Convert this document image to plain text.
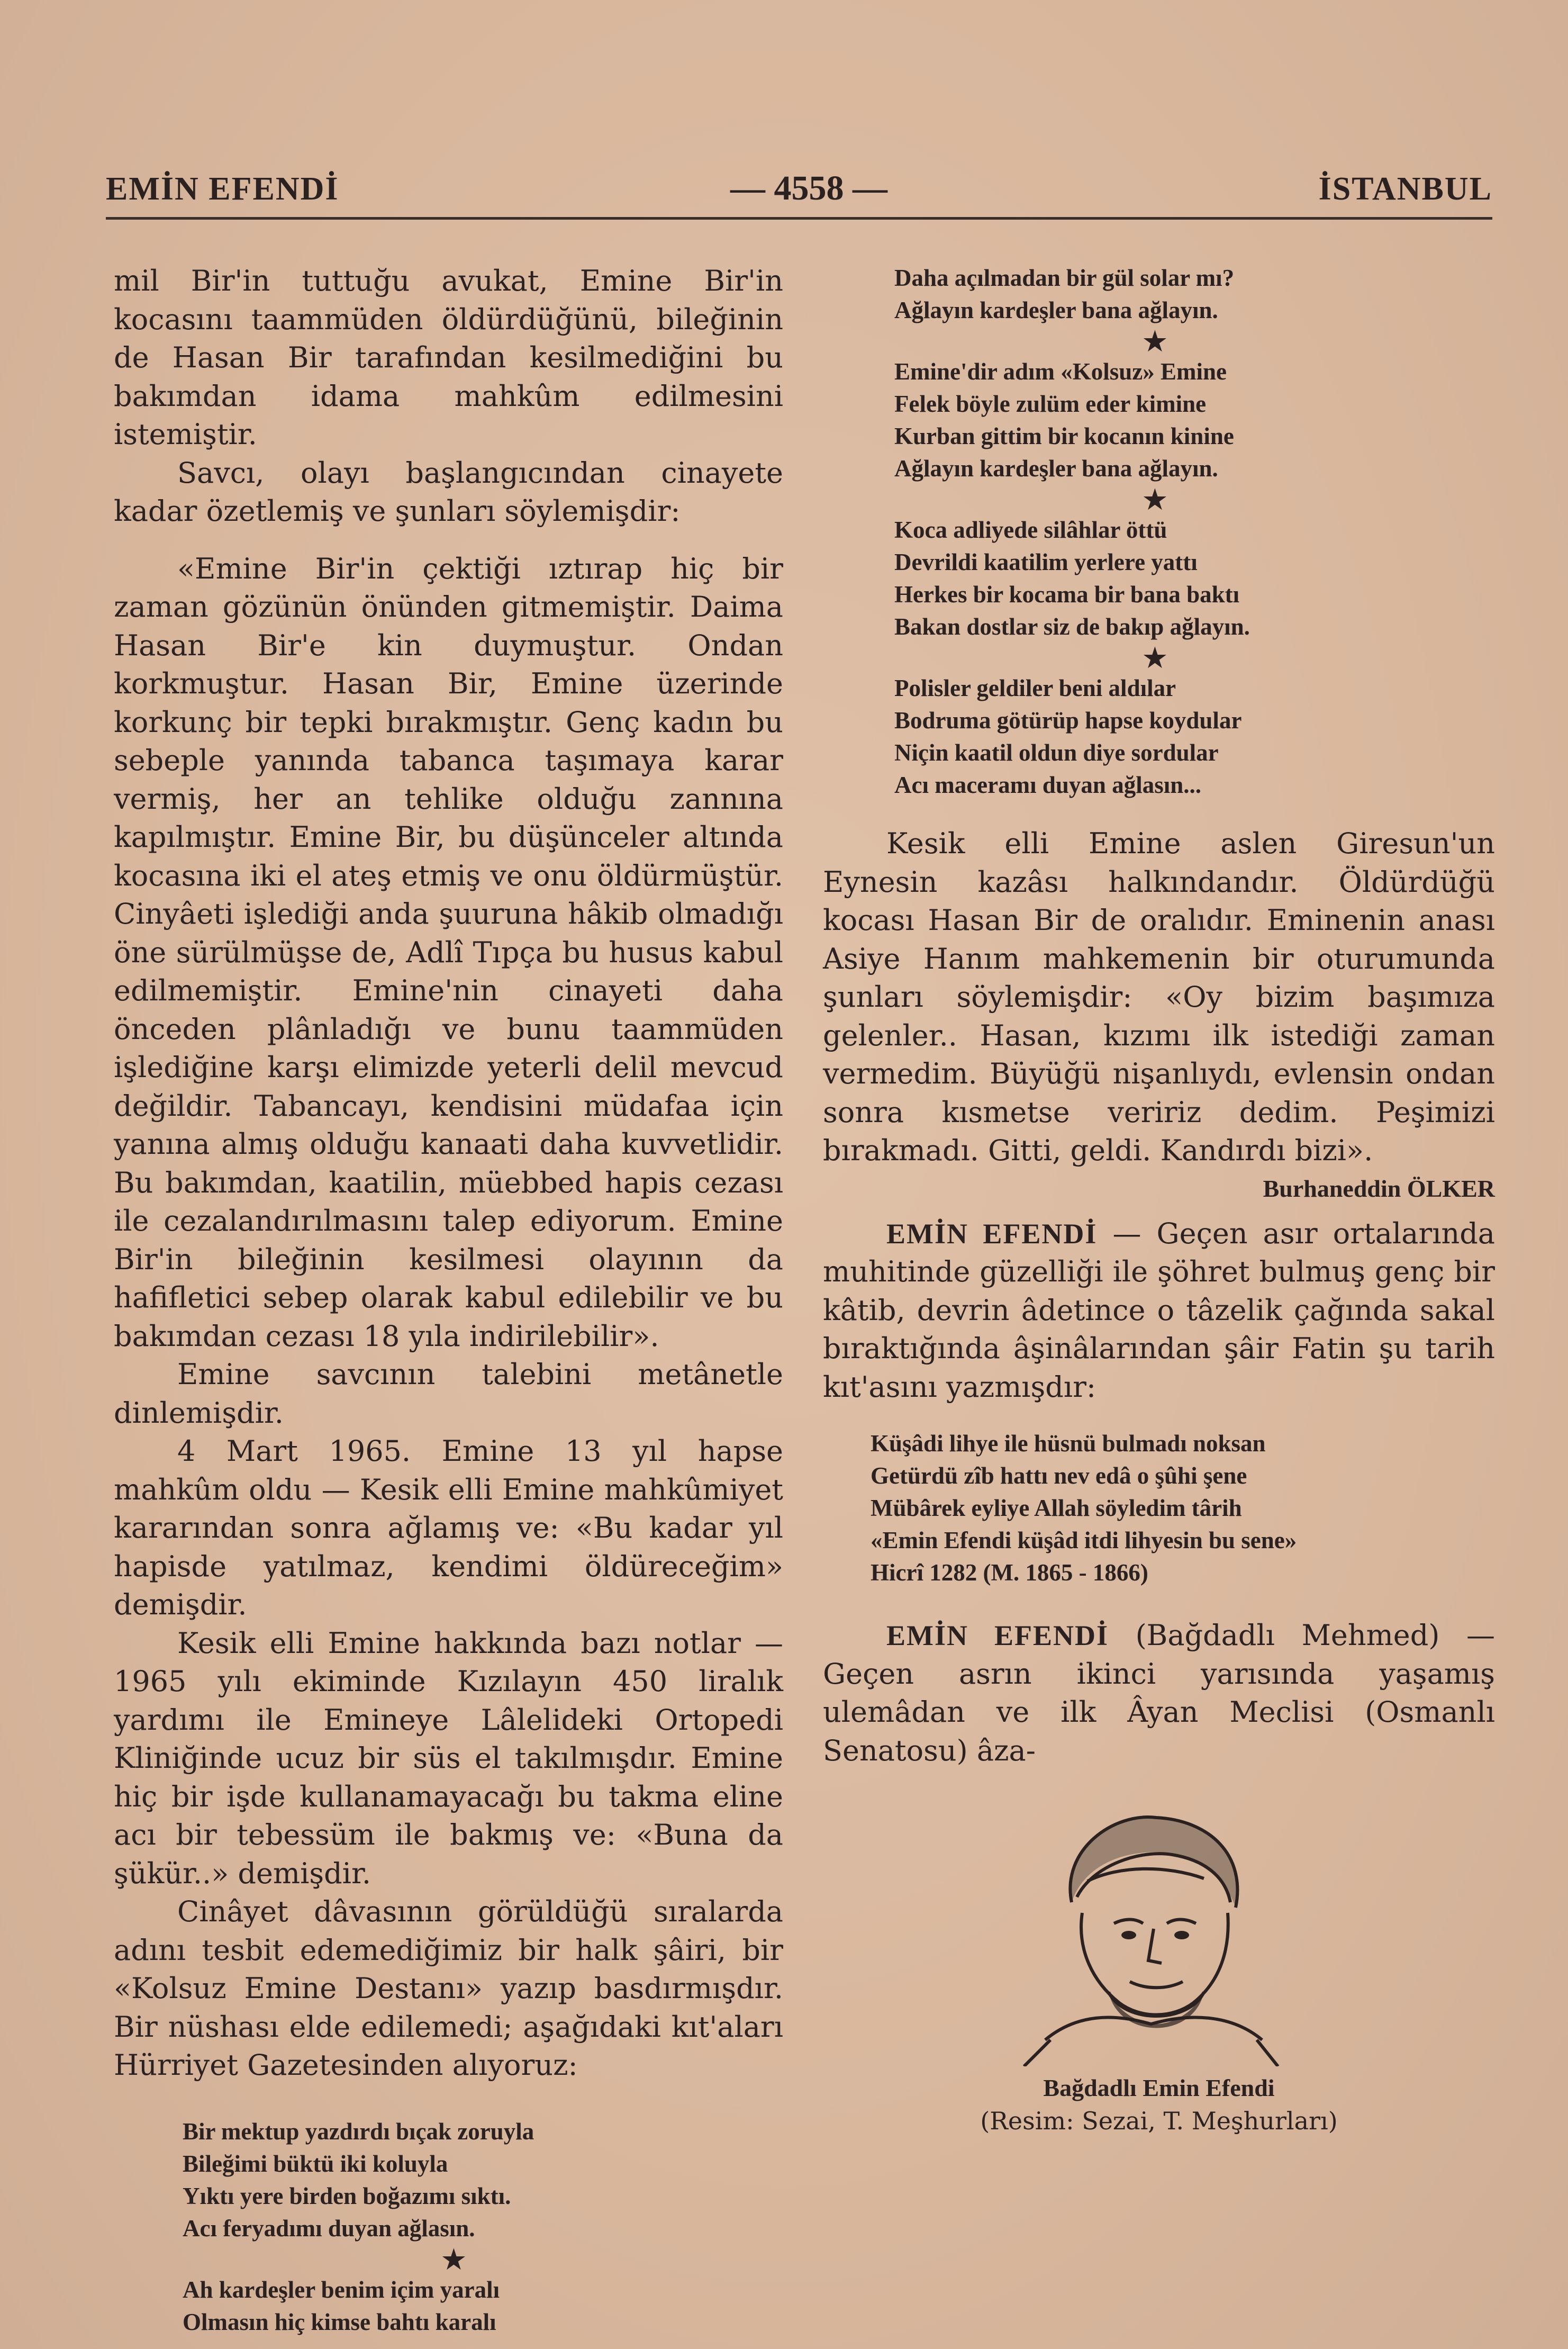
EMİN EFENDİ	— 4558 —	İSTANBUL

mil Bir'in tuttuğu avukat, Emine Bir'in kocasını taammüden öldürdüğünü, bileğinin de Hasan Bir tarafından kesilmediğini bu bakımdan idama mahkûm edilmesini istemiştir.

Savcı, olayı başlangıcından cinayete kadar özetlemiş ve şunları söylemişdir:

«Emine Bir'in çektiği ıztırap hiç bir zaman gözünün önünden gitmemiştir. Daima Hasan Bir'e kin duymuştur. Ondan korkmuştur. Hasan Bir, Emine üzerinde korkunç bir tepki bırakmıştır. Genç kadın bu sebeple yanında tabanca taşımaya karar vermiş, her an tehlike olduğu zannına kapılmıştır. Emine Bir, bu düşünceler altında kocasına iki el ateş etmiş ve onu öldürmüştür. Cinyâeti işlediği anda şuuruna hâkib olmadığı öne sürülmüşse de, Adlî Tıpça bu husus kabul edilmemiştir. Emine'nin cinayeti daha önceden plânladığı ve bunu taammüden işlediğine karşı elimizde yeterli delil mevcud değildir. Tabancayı, kendisini müdafaa için yanına almış olduğu kanaati daha kuvvetlidir. Bu bakımdan, kaatilin, müebbed hapis cezası ile cezalandırılmasını talep ediyorum. Emine Bir'in bileğinin kesilmesi olayının da hafifletici sebep olarak kabul edilebilir ve bu bakımdan cezası 18 yıla indirilebilir».

Emine savcının talebini metânetle dinlemişdir.

4 Mart 1965. Emine 13 yıl hapse mahkûm oldu — Kesik elli Emine mahkûmiyet kararından sonra ağlamış ve: «Bu kadar yıl hapisde yatılmaz, kendimi öldüreceğim» demişdir.

Kesik elli Emine hakkında bazı notlar — 1965 yılı ekiminde Kızılayın 450 liralık yardımı ile Emineye Lâlelideki Ortopedi Kliniğinde ucuz bir süs el takılmışdır. Emine hiç bir işde kullanamayacağı bu takma eline acı bir tebessüm ile bakmış ve: «Buna da şükür..» demişdir.

Cinâyet dâvasının görüldüğü sıralarda adını tesbit edemediğimiz bir halk şâiri, bir «Kolsuz Emine Destanı» yazıp basdırmışdır. Bir nüshası elde edilemedi; aşağıdaki kıt'aları Hürriyet Gazetesinden alıyoruz:

Bir mektup yazdırdı bıçak zoruyla
Bileğimi büktü iki koluyla
Yıktı yere birden boğazımı sıktı.
Acı feryadımı duyan ağlasın.
★
Ah kardeşler benim içim yaralı
Olmasın hiç kimse bahtı karalı
Daha açılmadan bir gül solar mı?
Ağlayın kardeşler bana ağlayın.
★
Emine'dir adım «Kolsuz» Emine
Felek böyle zulüm eder kimine
Kurban gittim bir kocanın kinine
Ağlayın kardeşler bana ağlayın.
★
Koca adliyede silâhlar öttü
Devrildi kaatilim yerlere yattı
Herkes bir kocama bir bana baktı
Bakan dostlar siz de bakıp ağlayın.
★
Polisler geldiler beni aldılar
Bodruma götürüp hapse koydular
Niçin kaatil oldun diye sordular
Acı maceramı duyan ağlasın...

Kesik elli Emine aslen Giresun'un Eynesin kazâsı halkındandır. Öldürdüğü kocası Hasan Bir de oralıdır. Eminenin anası Asiye Hanım mahkemenin bir oturumunda şunları söylemişdir: «Oy bizim başımıza gelenler.. Hasan, kızımı ilk istediği zaman vermedim. Büyüğü nişanlıydı, evlensin ondan sonra kısmetse veririz dedim. Peşimizi bırakmadı. Gitti, geldi. Kandırdı bizi».

Burhaneddin ÖLKER

EMİN EFENDİ — Geçen asır ortalarında muhitinde güzelliği ile şöhret bulmuş genç bir kâtib, devrin âdetince o tâzelik çağında sakal bıraktığında âşinâlarından şâir Fatin şu tarih kıt'asını yazmışdır:

Küşâdi lihye ile hüsnü bulmadı noksan
Getürdü zîb hattı nev edâ o şûhi şene
Mübârek eyliye Allah söyledim târih
«Emin Efendi küşâd itdi lihyesin bu sene»
Hicrî 1282 (M. 1865 - 1866)

EMİN EFENDİ (Bağdadlı Mehmed) — Geçen asrın ikinci yarısında yaşamış ulemâdan ve ilk Âyan Meclisi (Osmanlı Senatosu) âza-

Bağdadlı Emin Efendi
(Resim: Sezai, T. Meşhurları)
